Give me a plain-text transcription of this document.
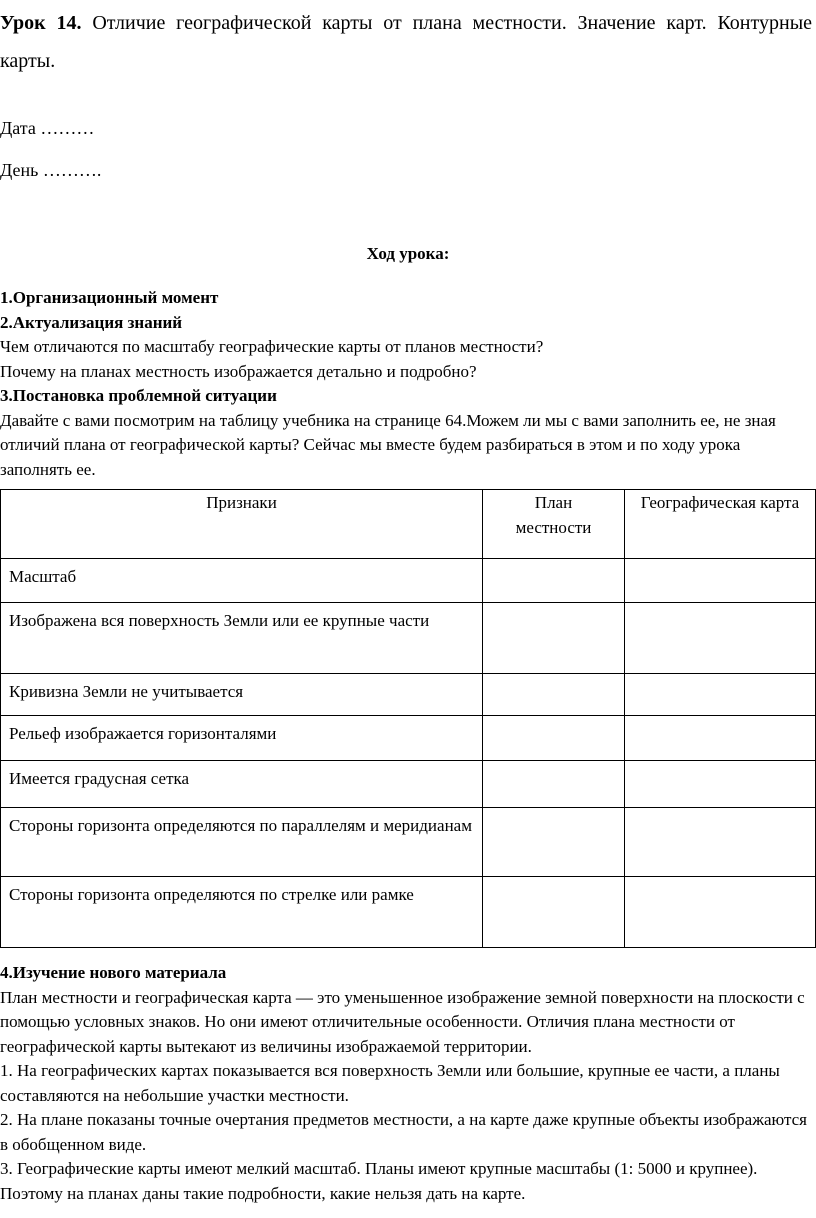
Урок 14. Отличие географической карты от плана местности. Значение карт. Контурные карты.
Дата ………
День ……….
Ход урока:

1.Организационный момент

2.Актуализация знаний

Чем отличаются по масштабу географические карты от планов местности?

Почему на планах местность изображается детально и подробно?

3.Постановка проблемной ситуации

Давайте с вами посмотрим на таблицу учебника на странице 64.Можем ли мы с вами заполнить ее, не зная отличий плана от географической карты? Сейчас мы вместе будем разбираться в этом и по ходу урока заполнять ее.

Признаки	План местности	Географическая карта
Масштаб		
Изображена вся поверхность Земли или ее крупные части		
Кривизна Земли не учитывается		
Рельеф изображается горизонталями		
Имеется градусная сетка		
Стороны горизонта определяются по параллелям и меридианам		
Стороны горизонта определяются по стрелке или рамке		

4.Изучение нового материала

План местности и географическая карта — это уменьшенное изображение земной поверхности на плоскости с помощью условных знаков. Но они имеют отличительные особенности. Отличия плана местности от географической карты вытекают из величины изображаемой территории.

1. На географических картах показывается вся поверхность Земли или большие, крупные ее части, а планы составляются на небольшие участки местности.

2. На плане показаны точные очертания предметов местности, а на карте даже крупные объекты изображаются в обобщенном виде.

3. Географические карты имеют мелкий масштаб. Планы имеют крупные масштабы (1: 5000 и крупнее). Поэтому на планах даны такие подробности, какие нельзя дать на карте.
